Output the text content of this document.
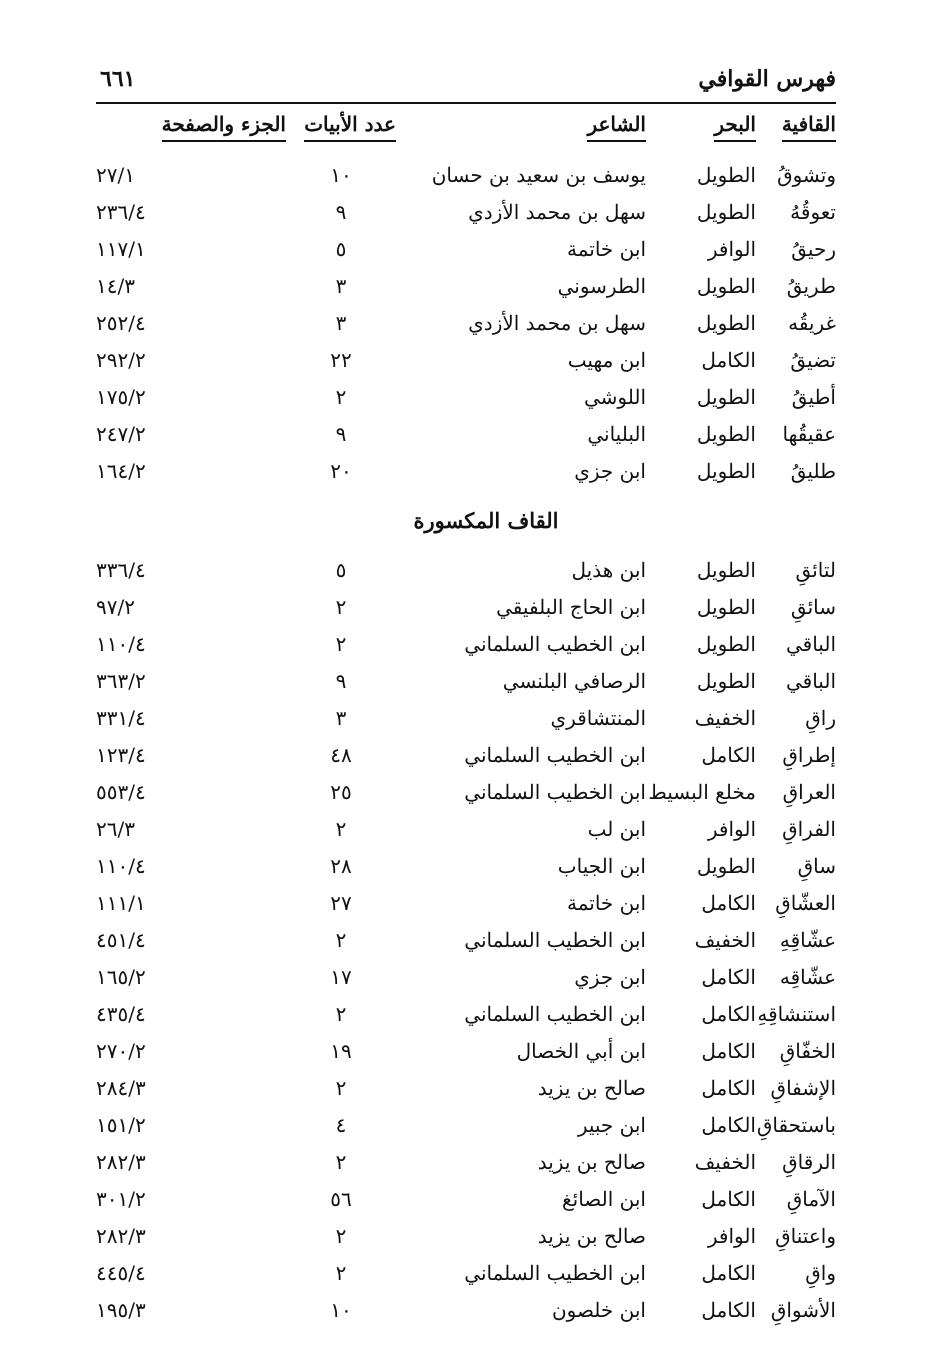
فهرس القوافي
٦٦١
القافية	البحر	الشاعر	عدد الأبيات	الجزء والصفحة
وتشوقُ	الطويل	يوسف بن سعيد بن حسان	١٠	٢٧/١
تعوقُهُ	الطويل	سهل بن محمد الأزدي	٩	٢٣٦/٤
رحيقُ	الوافر	ابن خاتمة	٥	١١٧/١
طريقُ	الطويل	الطرسوني	٣	١٤/٣
غريقُه	الطويل	سهل بن محمد الأزدي	٣	٢٥٢/٤
تضيقُ	الكامل	ابن مهيب	٢٢	٢٩٢/٢
أطيقُ	الطويل	اللوشي	٢	١٧٥/٢
عقيقُها	الطويل	البلياني	٩	٢٤٧/٢
طليقُ	الطويل	ابن جزي	٢٠	١٦٤/٢
القاف المكسورة				
لتائقِ	الطويل	ابن هذيل	٥	٣٣٦/٤
سائقِ	الطويل	ابن الحاج البلفيقي	٢	٩٧/٢
الباقي	الطويل	ابن الخطيب السلماني	٢	١١٠/٤
الباقي	الطويل	الرصافي البلنسي	٩	٣٦٣/٢
راقِ	الخفيف	المنتشاقري	٣	٣٣١/٤
إطراقِ	الكامل	ابن الخطيب السلماني	٤٨	١٢٣/٤
العراقِ	مخلع البسيط	ابن الخطيب السلماني	٢٥	٥٥٣/٤
الفراقِ	الوافر	ابن لب	٢	٢٦/٣
ساقِ	الطويل	ابن الجياب	٢٨	١١٠/٤
العشّاقِ	الكامل	ابن خاتمة	٢٧	١١١/١
عشّاقِهِ	الخفيف	ابن الخطيب السلماني	٢	٤٥١/٤
عشّاقِه	الكامل	ابن جزي	١٧	١٦٥/٢
استنشاقِهِ	الكامل	ابن الخطيب السلماني	٢	٤٣٥/٤
الخفّاقِ	الكامل	ابن أبي الخصال	١٩	٢٧٠/٢
الإشفاقِ	الكامل	صالح بن يزيد	٢	٢٨٤/٣
باستحقاقِ	الكامل	ابن جبير	٤	١٥١/٢
الرقاقِ	الخفيف	صالح بن يزيد	٢	٢٨٢/٣
الآماقِ	الكامل	ابن الصائغ	٥٦	٣٠١/٢
واعتناقِ	الوافر	صالح بن يزيد	٢	٢٨٢/٣
واقِ	الكامل	ابن الخطيب السلماني	٢	٤٤٥/٤
الأشواقِ	الكامل	ابن خلصون	١٠	١٩٥/٣
